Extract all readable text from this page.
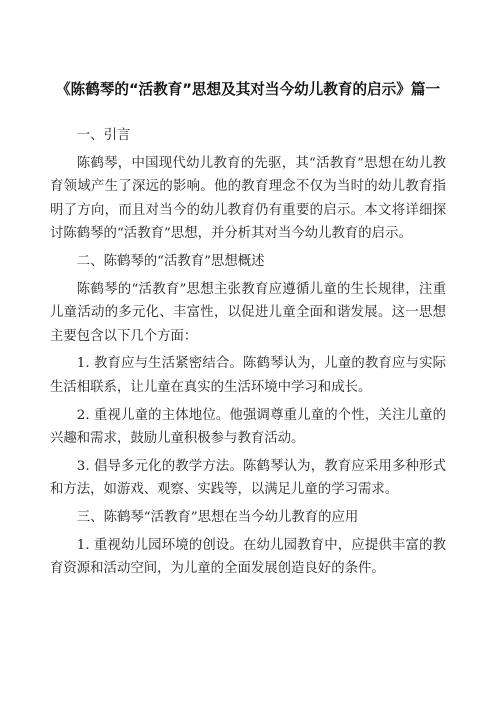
《陈鹤琴的“活教育”思想及其对当今幼儿教育的启示》篇一

一、引言

陈鹤琴，中国现代幼儿教育的先驱，其“活教育”思想在幼儿教育领域产生了深远的影响。他的教育理念不仅为当时的幼儿教育指明了方向，而且对当今的幼儿教育仍有重要的启示。本文将详细探讨陈鹤琴的“活教育”思想，并分析其对当今幼儿教育的启示。

二、陈鹤琴的“活教育”思想概述

陈鹤琴的“活教育”思想主张教育应遵循儿童的生长规律，注重儿童活动的多元化、丰富性，以促进儿童全面和谐发展。这一思想主要包含以下几个方面：

1. 教育应与生活紧密结合。陈鹤琴认为，儿童的教育应与实际生活相联系，让儿童在真实的生活环境中学习和成长。

2. 重视儿童的主体地位。他强调尊重儿童的个性，关注儿童的兴趣和需求，鼓励儿童积极参与教育活动。

3. 倡导多元化的教学方法。陈鹤琴认为，教育应采用多种形式和方法，如游戏、观察、实践等，以满足儿童的学习需求。

三、陈鹤琴“活教育”思想在当今幼儿教育的应用

1. 重视幼儿园环境的创设。在幼儿园教育中，应提供丰富的教育资源和活动空间，为儿童的全面发展创造良好的条件。
